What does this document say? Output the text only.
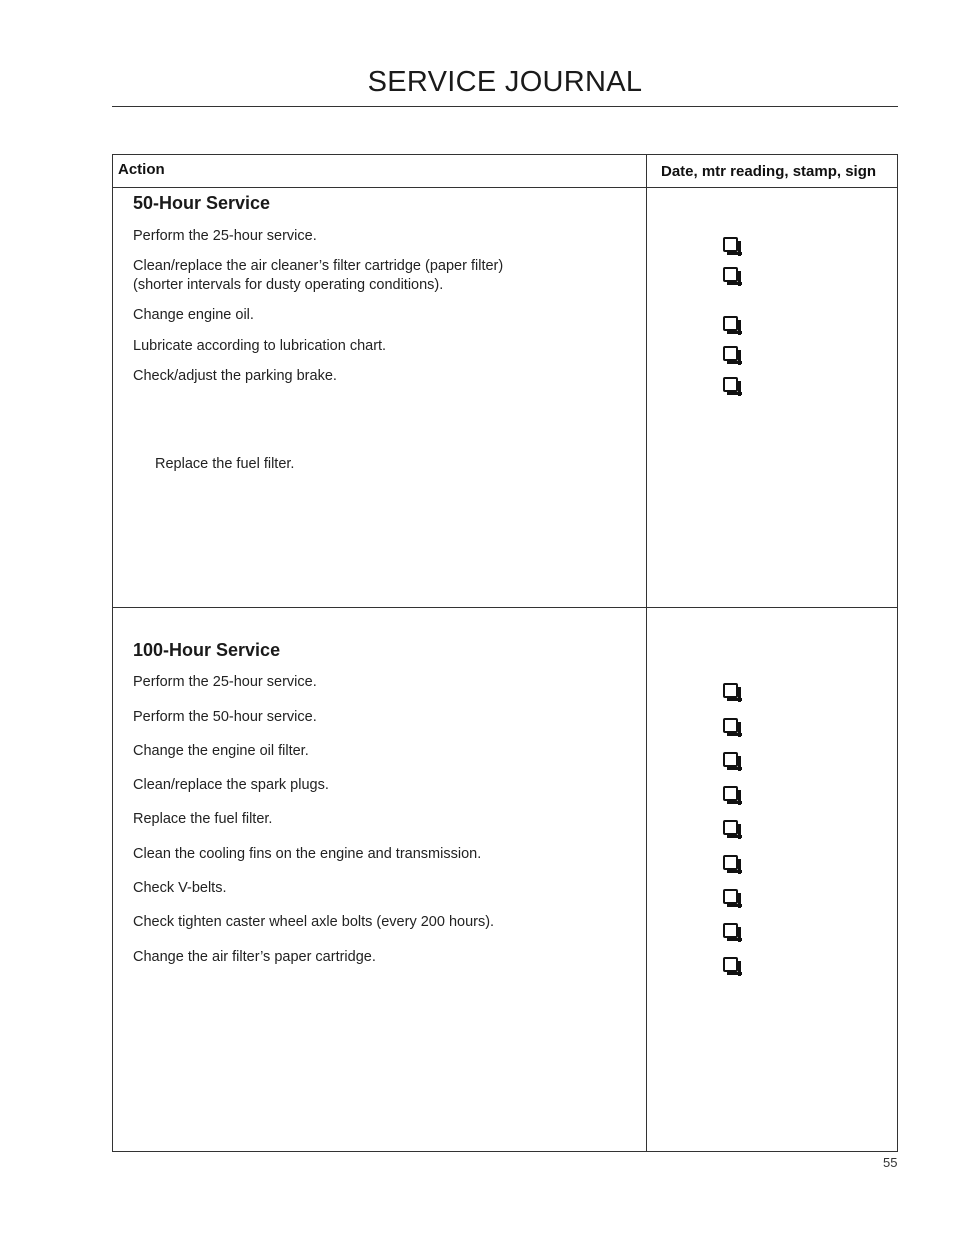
SERVICE JOURNAL
Action	Date, mtr reading, stamp, sign
50-Hour Service
Perform the 25-hour service.
Clean/replace the air cleaner’s filter cartridge (paper filter)
(shorter intervals for dusty operating conditions).
Change engine oil.
Lubricate according to lubrication chart.
Check/adjust the parking brake.
Replace the fuel filter.
100-Hour Service
Perform the 25-hour service.
Perform the 50-hour service.
Change the engine oil filter.
Clean/replace the spark plugs.
Replace the fuel filter.
Clean the cooling fins on the engine and transmission.
Check V-belts.
Check tighten caster wheel axle bolts (every 200 hours).
Change the air filter’s paper cartridge.
55
